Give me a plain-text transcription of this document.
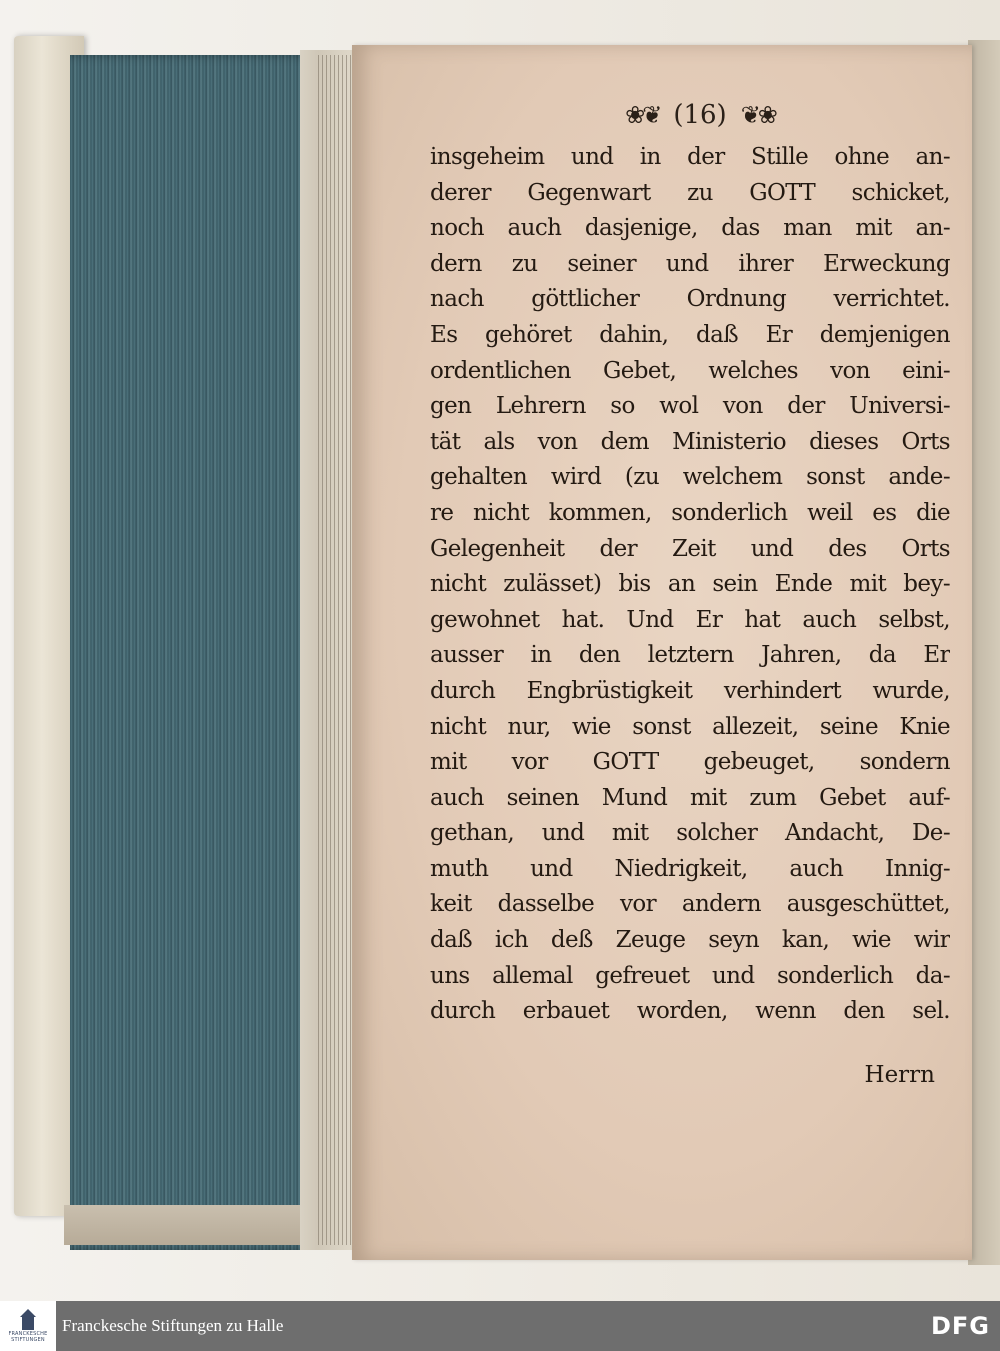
❀❦ (16) ❦❀
insgeheim und in der Stille ohne an-
derer Gegenwart zu GOTT schicket,
noch auch dasjenige, das man mit an-
dern zu seiner und ihrer Erweckung
nach göttlicher Ordnung verrichtet.
Es gehöret dahin, daß Er demjenigen
ordentlichen Gebet, welches von eini-
gen Lehrern so wol von der Universi-
tät als von dem Ministerio dieses Orts
gehalten wird (zu welchem sonst ande-
re nicht kommen, sonderlich weil es die
Gelegenheit der Zeit und des Orts
nicht zulässet) bis an sein Ende mit bey-
gewohnet hat. Und Er hat auch selbst,
ausser in den letztern Jahren, da Er
durch Engbrüstigkeit verhindert wurde,
nicht nur, wie sonst allezeit, seine Knie
mit vor GOTT gebeuget, sondern
auch seinen Mund mit zum Gebet auf-
gethan, und mit solcher Andacht, De-
muth und Niedrigkeit, auch Innig-
keit dasselbe vor andern ausgeschüttet,
daß ich deß Zeuge seyn kan, wie wir
uns allemal gefreuet und sonderlich da-
durch erbauet worden, wenn den sel.
Herrn
FRANCKESCHE
STIFTUNGEN
Franckesche Stiftungen zu Halle	DFG
